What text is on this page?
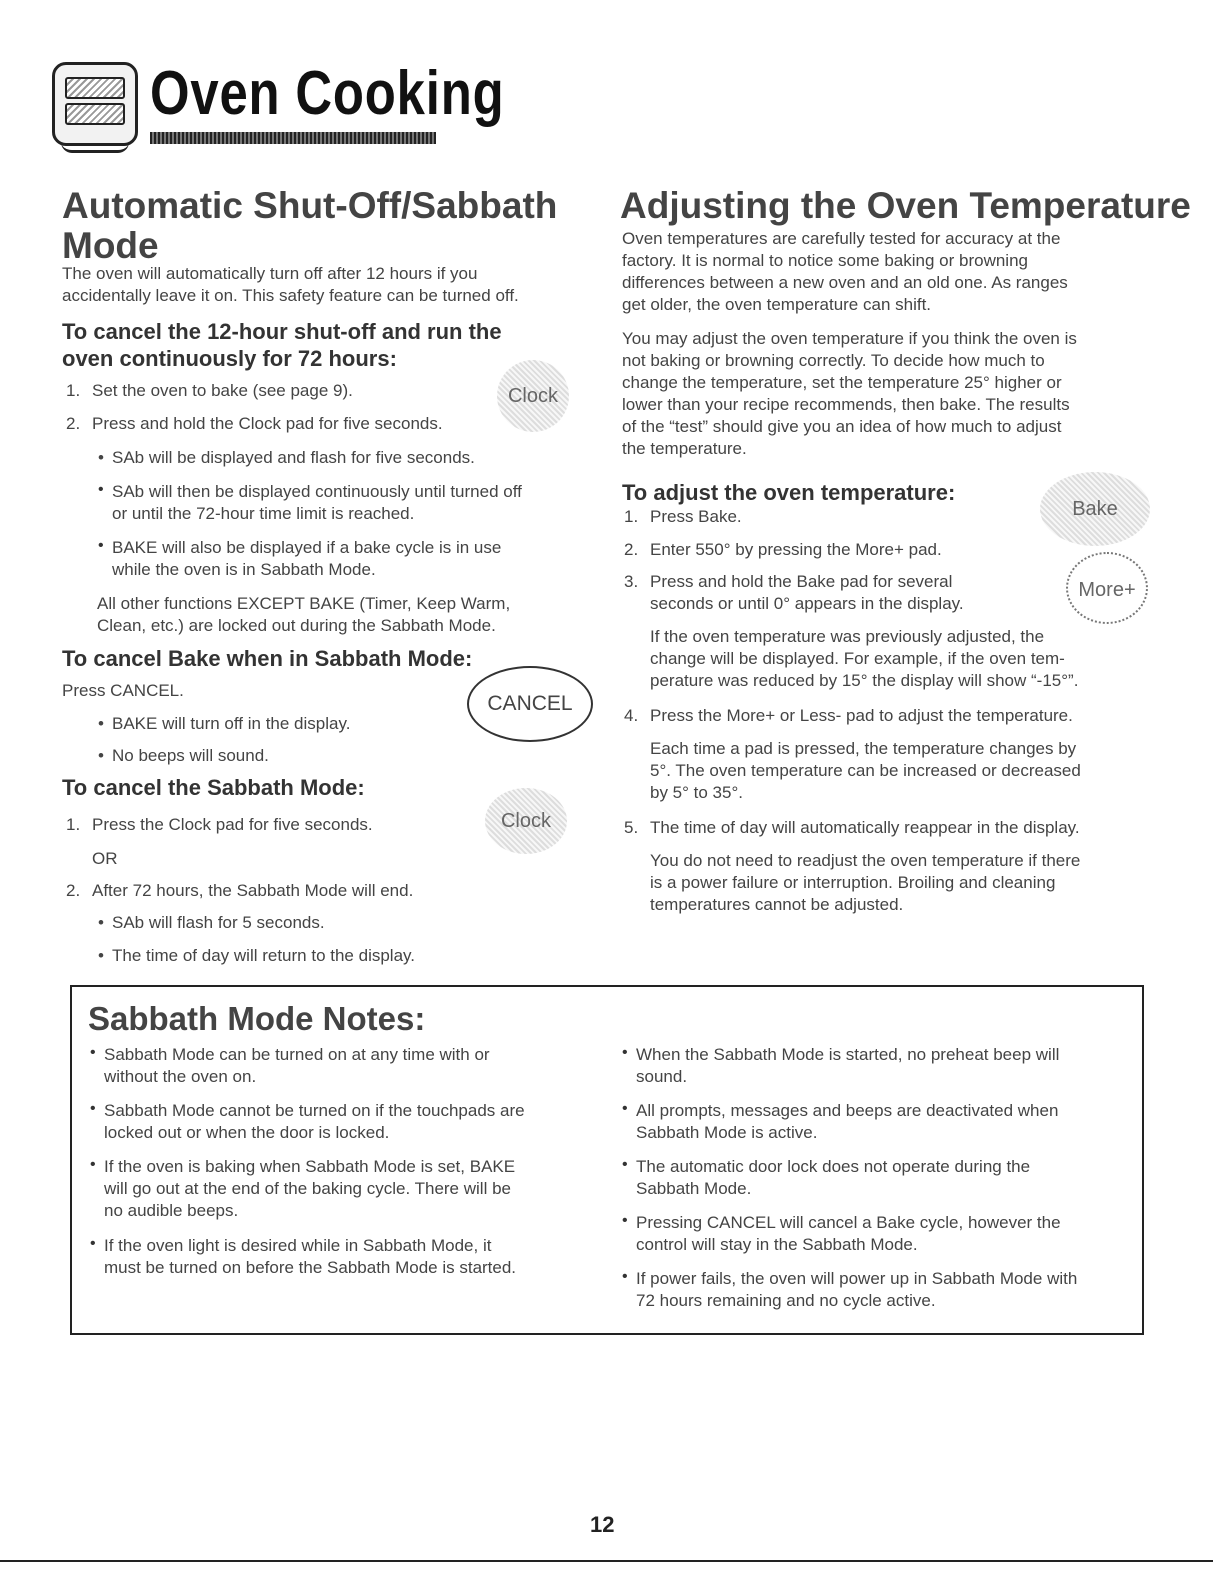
Oven Cooking
Automatic Shut-Off/Sabbath Mode

The oven will automatically turn off after 12 hours if you

accidentally leave it on. This safety feature can be turned off.

To cancel the 12-hour shut-off and run the
oven continuously for 72 hours:
1. Set the oven to bake (see page 9).
2. Press and hold the Clock pad for five seconds.
Clock
• SAb will be displayed and flash for five seconds.

• SAb will then be displayed continuously until turned off

or until the 72-hour time limit is reached.

• BAKE will also be displayed if a bake cycle is in use

while the oven is in Sabbath Mode.

All other functions EXCEPT BAKE (Timer, Keep Warm,

Clean, etc.) are locked out during the Sabbath Mode.

To cancel Bake when in Sabbath Mode:
Press CANCEL.
• BAKE will turn off in the display.
• No beeps will sound.
CANCEL
To cancel the Sabbath Mode:
1. Press the Clock pad for five seconds.
OR
2. After 72 hours, the Sabbath Mode will end.
• SAb will flash for 5 seconds.
• The time of day will return to the display.
Clock
Adjusting the Oven Temperature

Oven temperatures are carefully tested for accuracy at the

factory. It is normal to notice some baking or browning

differences between a new oven and an old one. As ranges

get older, the oven temperature can shift.

You may adjust the oven temperature if you think the oven is

not baking or browning correctly. To decide how much to

change the temperature, set the temperature 25° higher or

lower than your recipe recommends, then bake. The results

of the “test” should give you an idea of how much to adjust

the temperature.

To adjust the oven temperature:
Bake
1. Press Bake.
2. Enter 550° by pressing the More+ pad.
3. Press and hold the Bake pad for several

seconds or until 0° appears in the display.

More+

If the oven temperature was previously adjusted, the

change will be displayed. For example, if the oven tem-

perature was reduced by 15° the display will show “-15°”.

4. Press the More+ or Less- pad to adjust the temperature.

Each time a pad is pressed, the temperature changes by

5°. The oven temperature can be increased or decreased

by 5° to 35°.

5. The time of day will automatically reappear in the display.

You do not need to readjust the oven temperature if there

is a power failure or interruption. Broiling and cleaning

temperatures cannot be adjusted.

Sabbath Mode Notes:

• Sabbath Mode can be turned on at any time with or

without the oven on.

• Sabbath Mode cannot be turned on if the touchpads are

locked out or when the door is locked.

• If the oven is baking when Sabbath Mode is set, BAKE

will go out at the end of the baking cycle. There will be

no audible beeps.

• If the oven light is desired while in Sabbath Mode, it

must be turned on before the Sabbath Mode is started.

• When the Sabbath Mode is started, no preheat beep will

sound.

• All prompts, messages and beeps are deactivated when

Sabbath Mode is active.

• The automatic door lock does not operate during the

Sabbath Mode.

• Pressing CANCEL will cancel a Bake cycle, however the

control will stay in the Sabbath Mode.

• If power fails, the oven will power up in Sabbath Mode with

72 hours remaining and no cycle active.

12
